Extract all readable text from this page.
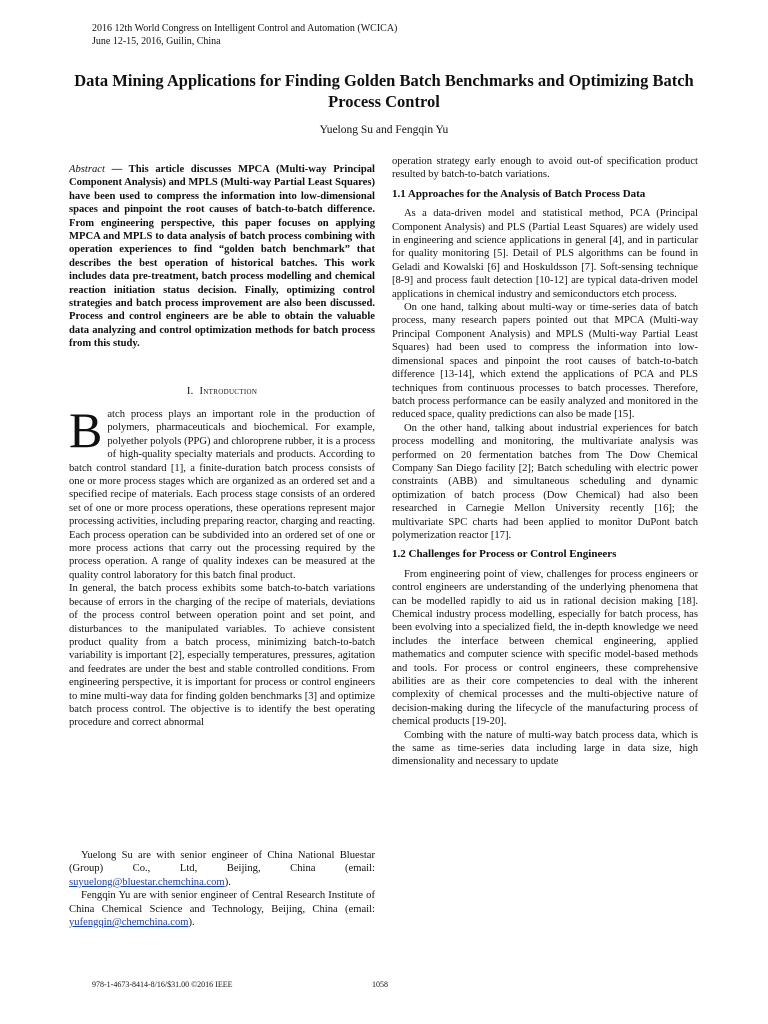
2016 12th World Congress on Intelligent Control and Automation (WCICA)
June 12-15, 2016, Guilin, China
Data Mining Applications for Finding Golden Batch Benchmarks and Optimizing Batch Process Control
Yuelong Su and Fengqin Yu

Abstract — This article discusses MPCA (Multi-way Principal Component Analysis) and MPLS (Multi-way Partial Least Squares) have been used to compress the information into low-dimensional spaces and pinpoint the root causes of batch-to-batch difference. From engineering perspective, this paper focuses on applying MPCA and MPLS to data analysis of batch process combining with operation experiences to find “golden batch benchmark” that describes the best operation of historical batches. This work includes data pre-treatment, batch process modelling and chemical reaction initiation status decision. Finally, optimizing control strategies and batch process improvement are also been discussed. Process and control engineers are be able to obtain the valuable data analyzing and control optimization methods for batch process from this study.

I. Introduction

Batch process plays an important role in the production of polymers, pharmaceuticals and biochemical. For example, polyether polyols (PPG) and chloroprene rubber, it is a process of high-quality specialty materials and products. According to batch control standard [1], a finite-duration batch process consists of one or more process stages which are organized as an ordered set and a specified recipe of materials. Each process stage consists of an ordered set of one or more process operations, these operations represent major processing activities, including preparing reactor, charging and reacting. Each process operation can be subdivided into an ordered set of one or more process actions that carry out the processing required by the process operation. A range of quality indexes can be measured at the quality control laboratory for this batch final product.

In general, the batch process exhibits some batch-to-batch variations because of errors in the charging of the recipe of materials, deviations of the process control between operation point and set point, and disturbances to the manipulated variables. To achieve consistent product quality from a batch process, minimizing batch-to-batch variability is important [2], especially temperatures, pressures, agitation and feedrates are under the best and stable controlled conditions. From engineering perspective, it is important for process or control engineers to mine multi-way data for finding golden benchmarks [3] and optimize batch process control. The objective is to identify the best operating procedure and correct abnormal

Yuelong Su are with senior engineer of China National Bluestar (Group) Co., Ltd, Beijing, China (email: suyuelong@bluestar.chemchina.com).

Fengqin Yu are with senior engineer of Central Research Institute of China Chemical Science and Technology, Beijing, China (email: yufengqin@chemchina.com).

operation strategy early enough to avoid out-of specification product resulted by batch-to-batch variations.

1.1 Approaches for the Analysis of Batch Process Data

As a data-driven model and statistical method, PCA (Principal Component Analysis) and PLS (Partial Least Squares) are widely used in engineering and science applications in general [4], and in particular for quality monitoring [5]. Detail of PLS algorithms can be found in Geladi and Kowalski [6] and Hoskuldsson [7]. Soft-sensing technique [8-9] and process fault detection [10-12] are typical data-driven model applications in chemical industry and semiconductors etch process.

On one hand, talking about multi-way or time-series data of batch process, many research papers pointed out that MPCA (Multi-way Principal Component Analysis) and MPLS (Multi-way Partial Least Squares) had been used to compress the information into low-dimensional spaces and pinpoint the root causes of batch-to-batch difference [13-14], which extend the applications of PCA and PLS techniques from continuous processes to batch processes. Therefore, batch process performance can be easily analyzed and monitored in the reduced space, quality predictions can also be made [15].

On the other hand, talking about industrial experiences for batch process modelling and monitoring, the multivariate analysis was performed on 20 fermentation batches from The Dow Chemical Company San Diego facility [2]; Batch scheduling with electric power constraints (ABB) and simultaneous scheduling and dynamic optimization of batch process (Dow Chemical) had also been researched in Carnegie Mellon University recently [16]; the multivariate SPC charts had been applied to monitor DuPont batch polymerization reactor [17].

1.2 Challenges for Process or Control Engineers

From engineering point of view, challenges for process engineers or control engineers are understanding of the underlying phenomena that can be modelled rapidly to aid us in rational decision making [18]. Chemical industry process modelling, especially for batch process, has been evolving into a specialized field, the in-depth knowledge we need includes the interface between chemical engineering, applied mathematics and computer science with specific model-based methods and tools. For process or control engineers, these comprehensive abilities are as their core competencies to deal with the inherent complexity of chemical processes and the multi-objective nature of decision-making during the lifecycle of the manufacturing process of chemical products [19-20].

Combing with the nature of multi-way batch process data, which is the same as time-series data including large in data size, high dimensionality and necessary to update

978-1-4673-8414-8/16/$31.00 ©2016 IEEE	1058
